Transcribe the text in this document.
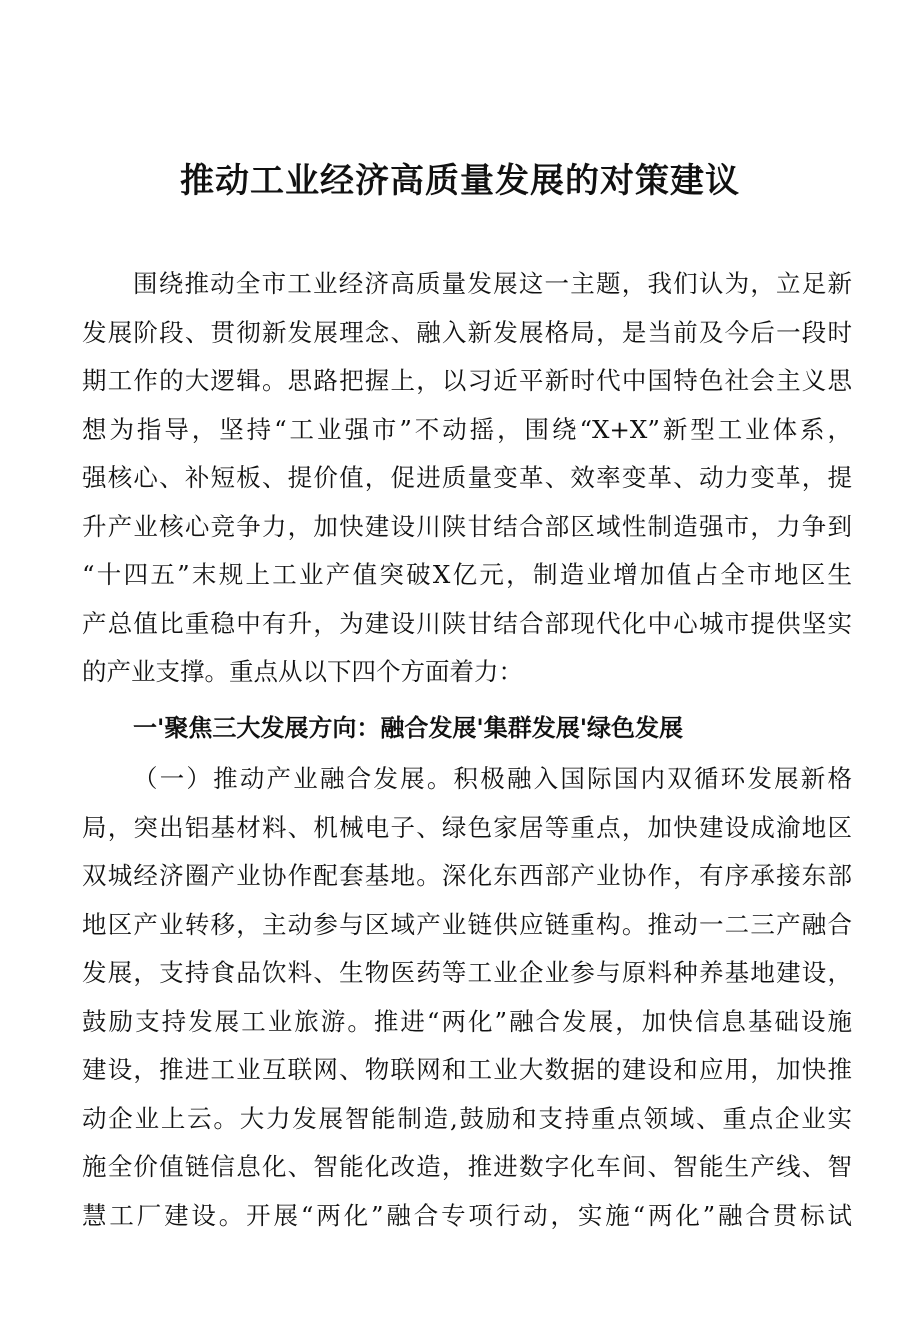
推动工业经济高质量发展的对策建议
围绕推动全市工业经济高质量发展这一主题，我们认为，立足新
发展阶段、贯彻新发展理念、融入新发展格局，是当前及今后一段时
期工作的大逻辑。思路把握上，以习近平新时代中国特色社会主义思
想为指导，坚持“工业强市”不动摇，围绕“X+X”新型工业体系，
强核心、补短板、提价值，促进质量变革、效率变革、动力变革，提
升产业核心竞争力，加快建设川陕甘结合部区域性制造强市，力争到
“十四五”末规上工业产值突破X亿元，制造业增加值占全市地区生
产总值比重稳中有升，为建设川陕甘结合部现代化中心城市提供坚实
的产业支撑。重点从以下四个方面着力：
一'聚焦三大发展方向：融合发展'集群发展'绿色发展
（一）推动产业融合发展。积极融入国际国内双循环发展新格
局，突出铝基材料、机械电子、绿色家居等重点，加快建设成渝地区
双城经济圈产业协作配套基地。深化东西部产业协作，有序承接东部
地区产业转移，主动参与区域产业链供应链重构。推动一二三产融合
发展，支持食品饮料、生物医药等工业企业参与原料种养基地建设，
鼓励支持发展工业旅游。推进“两化”融合发展，加快信息基础设施
建设，推进工业互联网、物联网和工业大数据的建设和应用，加快推
动企业上云。大力发展智能制造,鼓励和支持重点领域、重点企业实
施全价值链信息化、智能化改造，推进数字化车间、智能生产线、智
慧工厂建设。开展“两化”融合专项行动，实施“两化”融合贯标试
